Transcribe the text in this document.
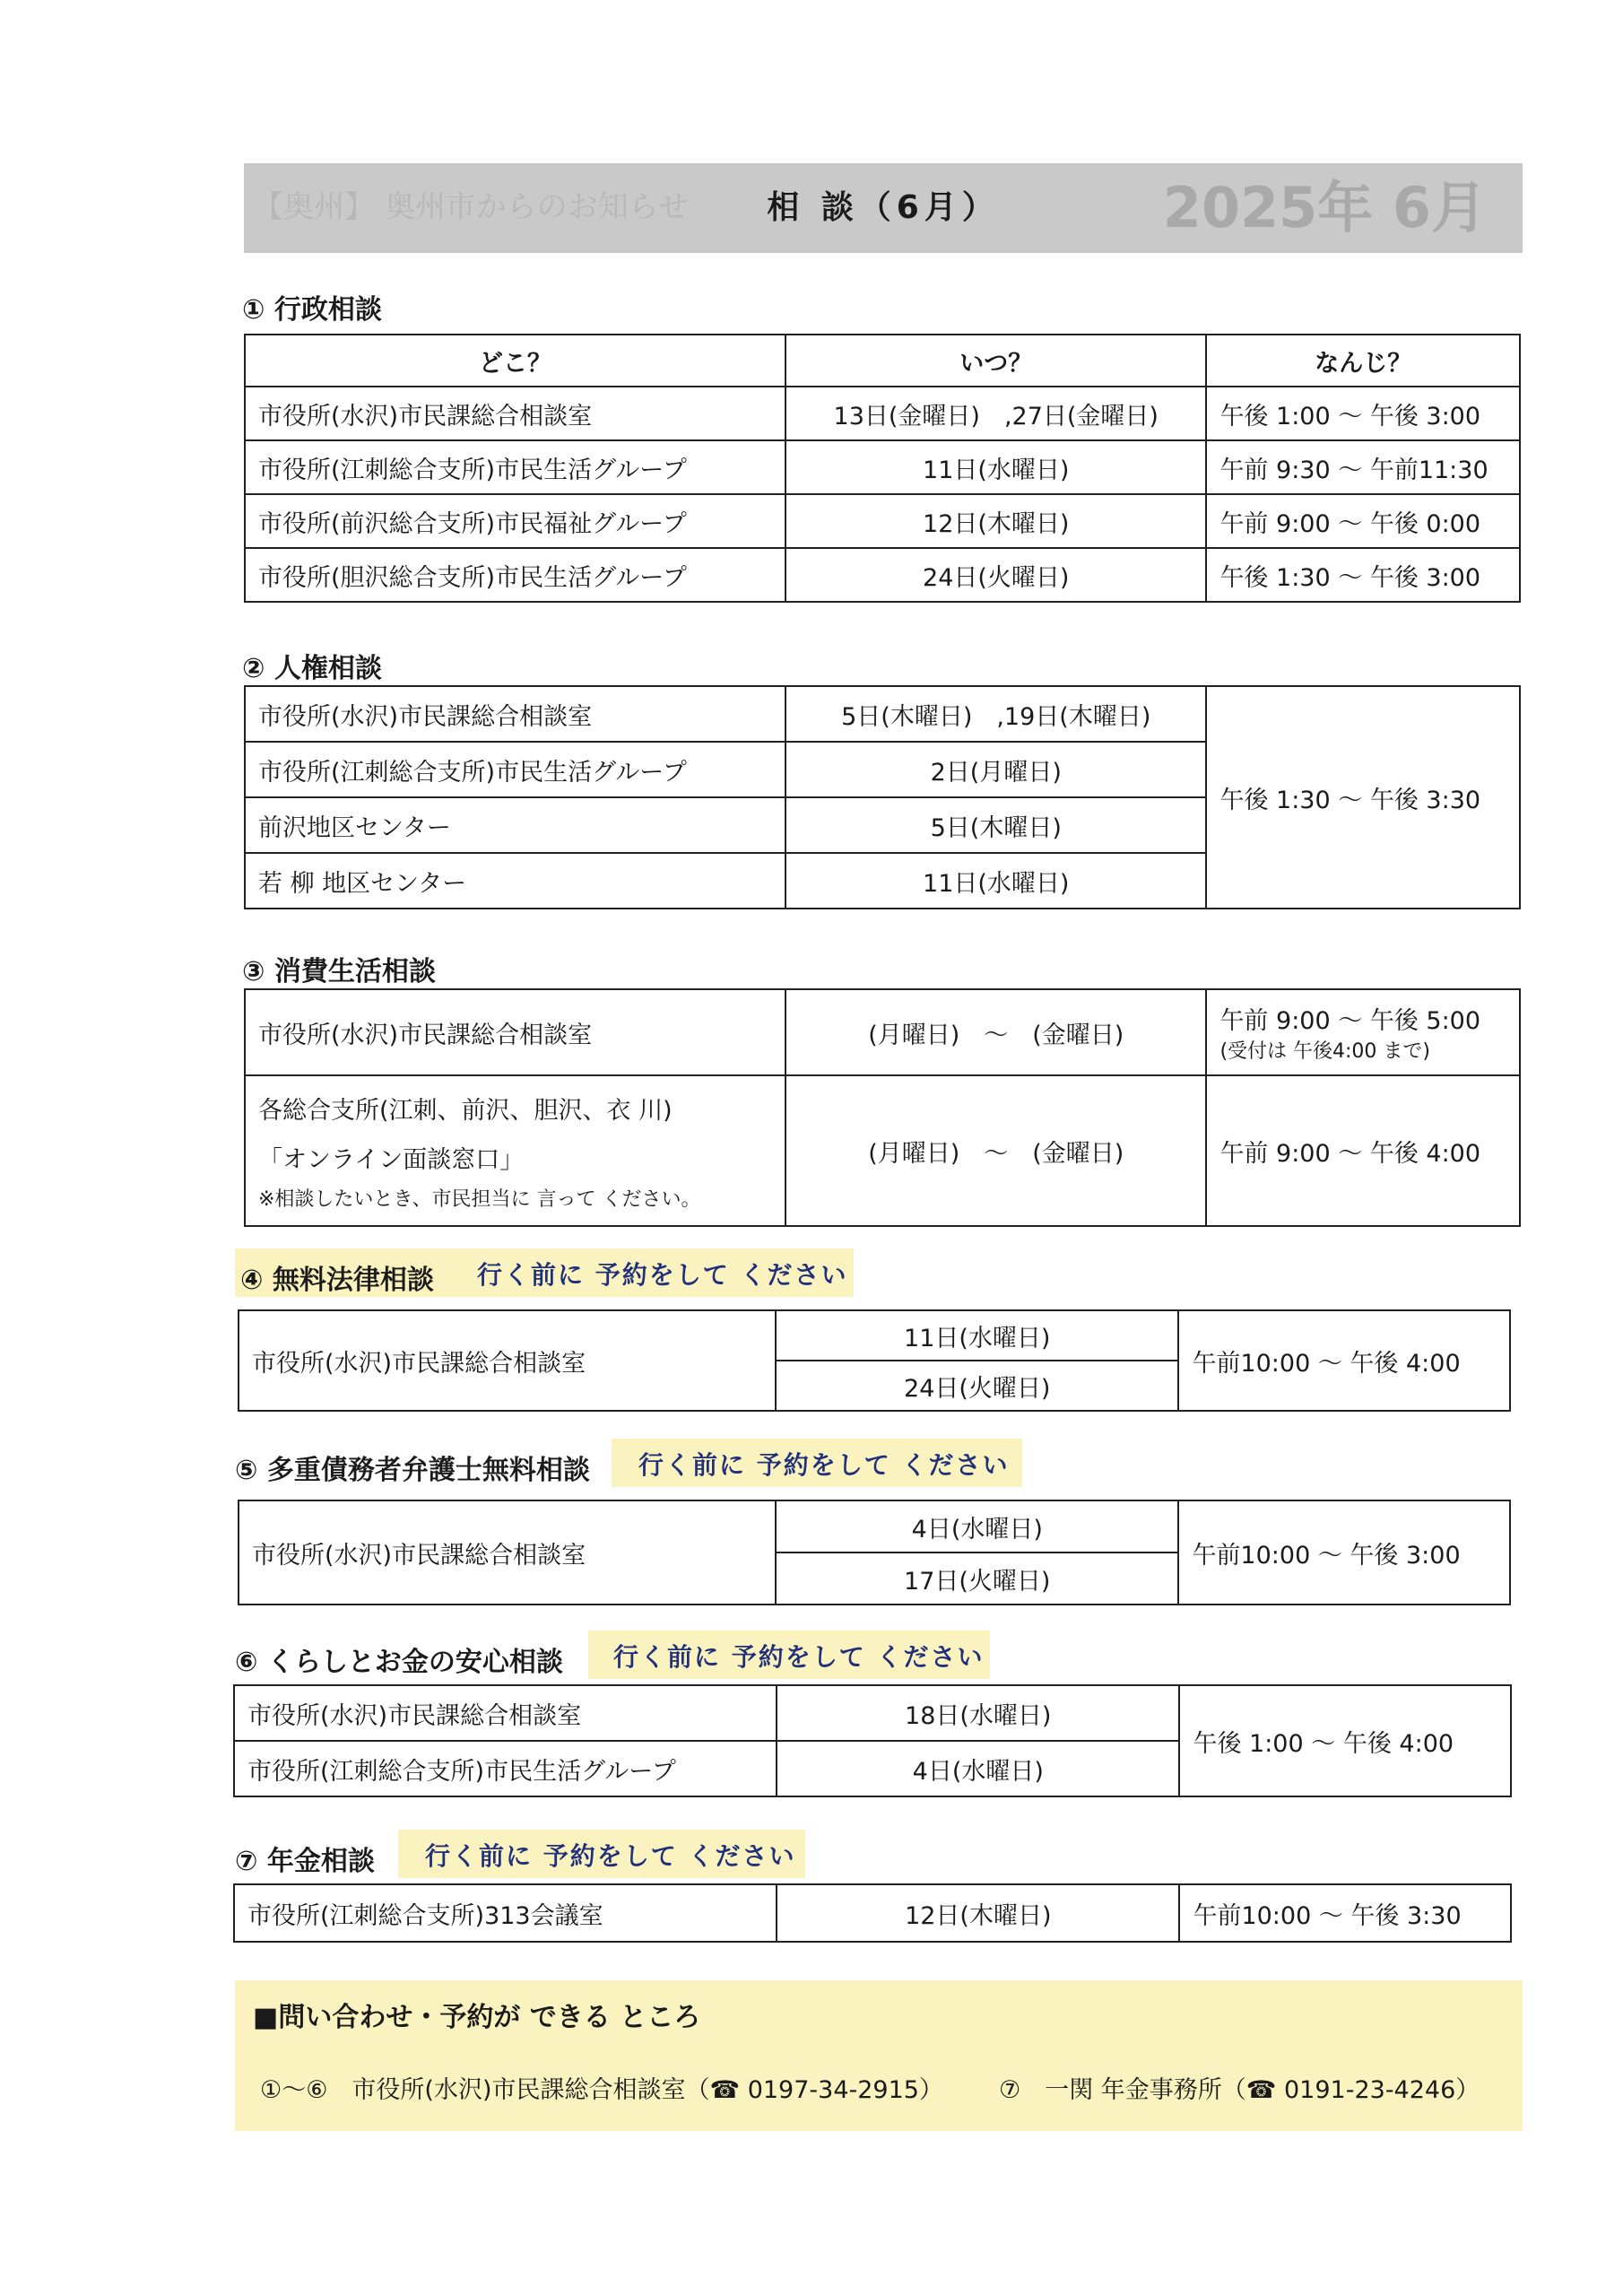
【奥州】 奥州市からのお知らせ	2025年 6月
相 談（6月）
① 行政相談
どこ？	いつ？	なんじ？
市役所(水沢)市民課総合相談室	13日(金曜日)　,27日(金曜日)	午後 1:00 ～ 午後 3:00
市役所(江刺総合支所)市民生活グループ	11日(水曜日)	午前 9:30 ～ 午前11:30
市役所(前沢総合支所)市民福祉グループ	12日(木曜日)	午前 9:00 ～ 午後 0:00
市役所(胆沢総合支所)市民生活グループ	24日(火曜日)	午後 1:30 ～ 午後 3:00
② 人権相談
市役所(水沢)市民課総合相談室	5日(木曜日)　,19日(木曜日)	午後 1:30 ～ 午後 3:30
市役所(江刺総合支所)市民生活グループ	2日(月曜日)	
前沢地区センター	5日(木曜日)	
若 柳 地区センター	11日(水曜日)	
③ 消費生活相談
市役所(水沢)市民課総合相談室	(月曜日)　～　(金曜日)	午前 9:00 ～ 午後 5:00
(受付は 午後4:00 まで)

各総合支所(江刺、前沢、胆沢、衣 川)
「オンライン面談窓口」
※相談したいとき、市民担当に 言って ください。	(月曜日)　～　(金曜日)	午前 9:00 ～ 午後 4:00
④ 無料法律相談	行く前に 予約をして ください
市役所(水沢)市民課総合相談室	11日(水曜日)	午前10:00 ～ 午後 4:00
24日(火曜日)
⑤ 多重債務者弁護士無料相談	行く前に 予約をして ください
市役所(水沢)市民課総合相談室	4日(水曜日)	午前10:00 ～ 午後 3:00
17日(火曜日)
⑥ くらしとお金の安心相談	行く前に 予約をして ください
市役所(水沢)市民課総合相談室	18日(水曜日)	午後 1:00 ～ 午後 4:00
市役所(江刺総合支所)市民生活グループ	4日(水曜日)	
⑦ 年金相談	行く前に 予約をして ください
市役所(江刺総合支所)313会議室	12日(木曜日)	午前10:00 ～ 午後 3:30
■問い合わせ・予約が できる ところ
①～⑥　市役所(水沢)市民課総合相談室（☎ 0197-34-2915） ⑦　一関 年金事務所（☎ 0191-23-4246）
